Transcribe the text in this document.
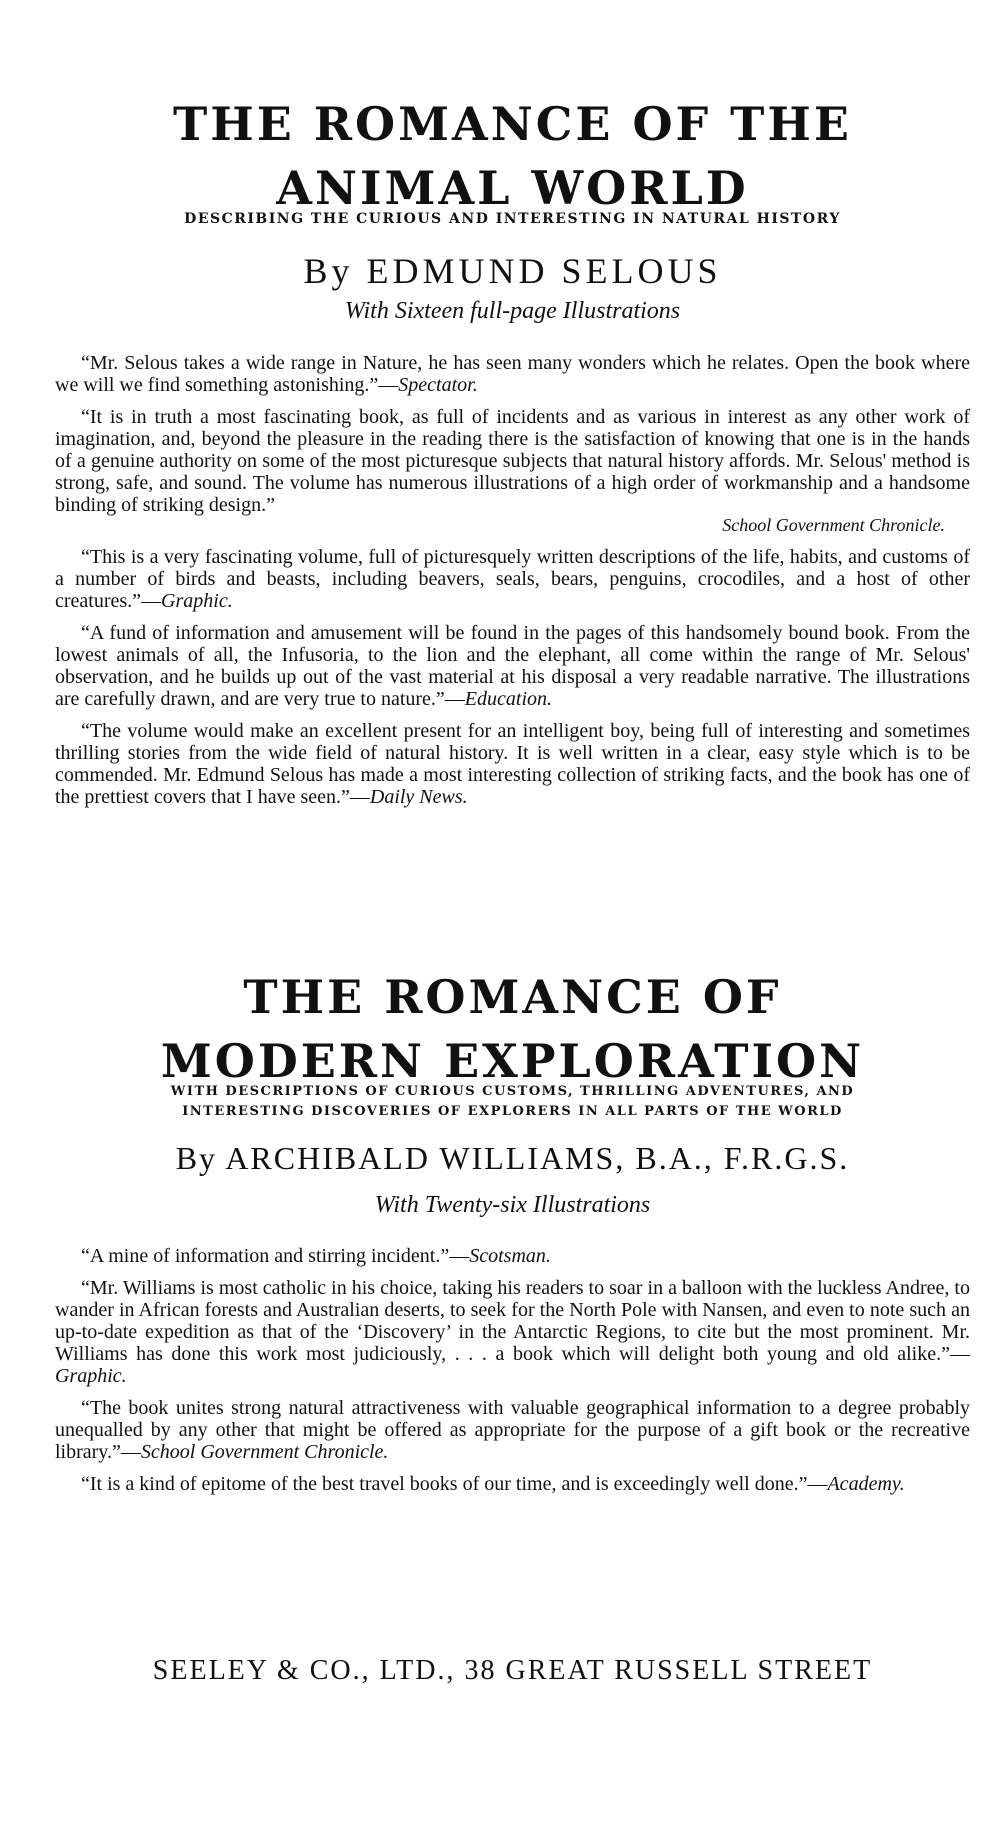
THE ROMANCE OF THE

ANIMAL WORLD

DESCRIBING THE CURIOUS AND INTERESTING IN NATURAL HISTORY

By EDMUND SELOUS

With Sixteen full-page Illustrations

“Mr. Selous takes a wide range in Nature, he has seen many wonders which he relates. Open the book where we will we find something astonishing.”—Spectator.

“It is in truth a most fascinating book, as full of incidents and as various in interest as any other work of imagination, and, beyond the pleasure in the reading there is the satisfaction of knowing that one is in the hands of a genuine authority on some of the most picturesque subjects that natural history affords. Mr. Selous' method is strong, safe, and sound. The volume has numerous illustrations of a high order of workmanship and a handsome binding of striking design.”

School Government Chronicle.

“This is a very fascinating volume, full of picturesquely written descriptions of the life, habits, and customs of a number of birds and beasts, including beavers, seals, bears, penguins, crocodiles, and a host of other creatures.”—Graphic.

“A fund of information and amusement will be found in the pages of this handsomely bound book. From the lowest animals of all, the Infusoria, to the lion and the elephant, all come within the range of Mr. Selous' observation, and he builds up out of the vast material at his disposal a very readable narrative. The illustrations are carefully drawn, and are very true to nature.”—Education.

“The volume would make an excellent present for an intelligent boy, being full of interesting and sometimes thrilling stories from the wide field of natural history. It is well written in a clear, easy style which is to be commended. Mr. Edmund Selous has made a most interesting collection of striking facts, and the book has one of the prettiest covers that I have seen.”—Daily News.

THE ROMANCE OF

MODERN EXPLORATION

WITH DESCRIPTIONS OF CURIOUS CUSTOMS, THRILLING ADVENTURES, AND

INTERESTING DISCOVERIES OF EXPLORERS IN ALL PARTS OF THE WORLD

By ARCHIBALD WILLIAMS, B.A., F.R.G.S.

With Twenty-six Illustrations

“A mine of information and stirring incident.”—Scotsman.

“Mr. Williams is most catholic in his choice, taking his readers to soar in a balloon with the luckless Andree, to wander in African forests and Australian deserts, to seek for the North Pole with Nansen, and even to note such an up-to-date expedition as that of the ‘Discovery’ in the Antarctic Regions, to cite but the most prominent. Mr. Williams has done this work most judiciously, . . . a book which will delight both young and old alike.”—Graphic.

“The book unites strong natural attractiveness with valuable geographical information to a degree probably unequalled by any other that might be offered as appropriate for the purpose of a gift book or the recreative library.”—School Government Chronicle.

“It is a kind of epitome of the best travel books of our time, and is exceedingly well done.”—Academy.

SEELEY & CO., LTD., 38 GREAT RUSSELL STREET
